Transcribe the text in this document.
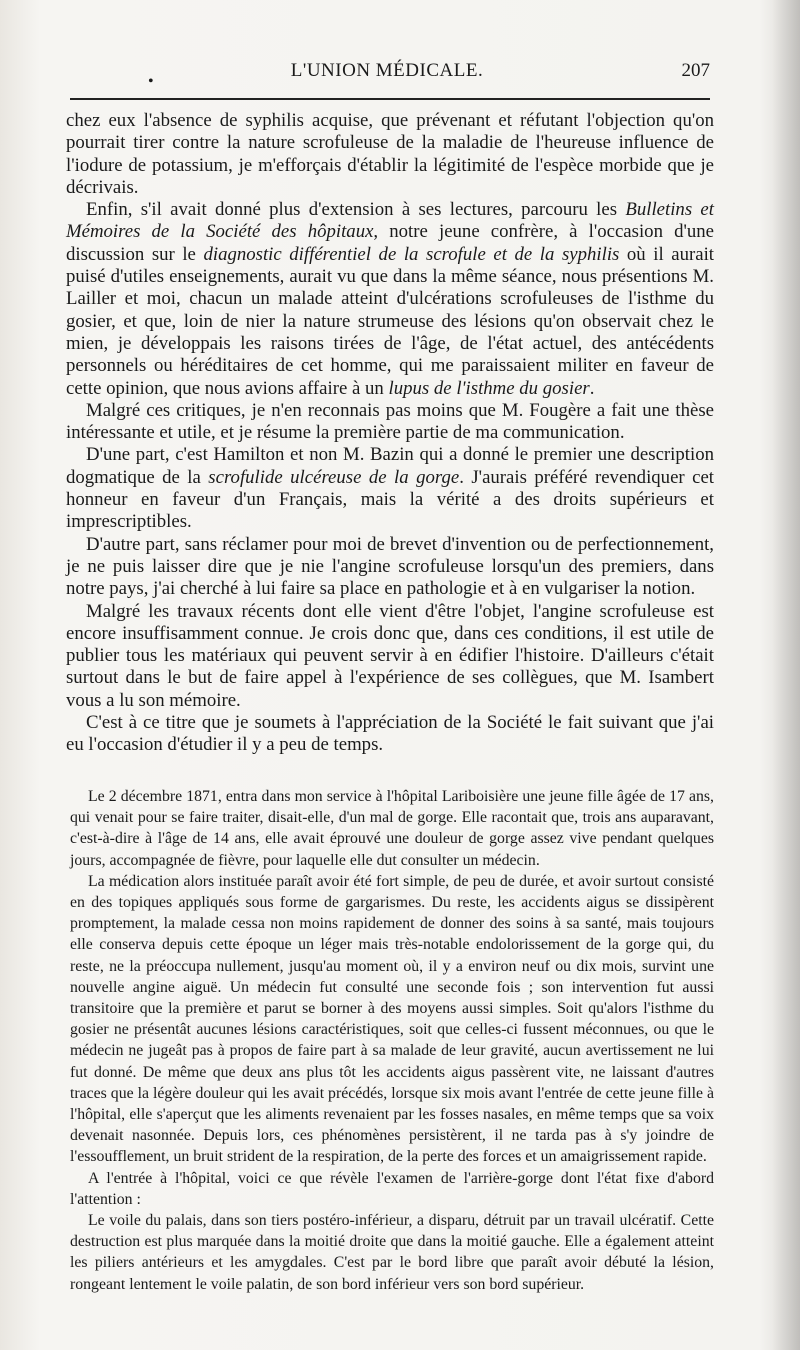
•
L'UNION MÉDICALE.	207

chez eux l'absence de syphilis acquise, que prévenant et réfutant l'objection qu'on pourrait tirer contre la nature scrofuleuse de la maladie de l'heureuse influence de l'iodure de potassium, je m'efforçais d'établir la légitimité de l'espèce morbide que je décrivais.

Enfin, s'il avait donné plus d'extension à ses lectures, parcouru les Bulletins et Mémoires de la Société des hôpitaux, notre jeune confrère, à l'occasion d'une discussion sur le diagnostic différentiel de la scrofule et de la syphilis où il aurait puisé d'utiles enseignements, aurait vu que dans la même séance, nous présentions M. Lailler et moi, chacun un malade atteint d'ulcérations scrofuleuses de l'isthme du gosier, et que, loin de nier la nature strumeuse des lésions qu'on observait chez le mien, je développais les raisons tirées de l'âge, de l'état actuel, des antécédents personnels ou héréditaires de cet homme, qui me paraissaient militer en faveur de cette opinion, que nous avions affaire à un lupus de l'isthme du gosier.

Malgré ces critiques, je n'en reconnais pas moins que M. Fougère a fait une thèse intéressante et utile, et je résume la première partie de ma communication.

D'une part, c'est Hamilton et non M. Bazin qui a donné le premier une description dogmatique de la scrofulide ulcéreuse de la gorge. J'aurais préféré revendiquer cet honneur en faveur d'un Français, mais la vérité a des droits supérieurs et imprescriptibles.

D'autre part, sans réclamer pour moi de brevet d'invention ou de perfectionnement, je ne puis laisser dire que je nie l'angine scrofuleuse lorsqu'un des premiers, dans notre pays, j'ai cherché à lui faire sa place en pathologie et à en vulgariser la notion.

Malgré les travaux récents dont elle vient d'être l'objet, l'angine scrofuleuse est encore insuffisamment connue. Je crois donc que, dans ces conditions, il est utile de publier tous les matériaux qui peuvent servir à en édifier l'histoire. D'ailleurs c'était surtout dans le but de faire appel à l'expérience de ses collègues, que M. Isambert vous a lu son mémoire.

C'est à ce titre que je soumets à l'appréciation de la Société le fait suivant que j'ai eu l'occasion d'étudier il y a peu de temps.

Le 2 décembre 1871, entra dans mon service à l'hôpital Lariboisière une jeune fille âgée de 17 ans, qui venait pour se faire traiter, disait-elle, d'un mal de gorge. Elle racontait que, trois ans auparavant, c'est-à-dire à l'âge de 14 ans, elle avait éprouvé une douleur de gorge assez vive pendant quelques jours, accompagnée de fièvre, pour laquelle elle dut consulter un médecin.

La médication alors instituée paraît avoir été fort simple, de peu de durée, et avoir surtout consisté en des topiques appliqués sous forme de gargarismes. Du reste, les accidents aigus se dissipèrent promptement, la malade cessa non moins rapidement de donner des soins à sa santé, mais toujours elle conserva depuis cette époque un léger mais très-notable endolorissement de la gorge qui, du reste, ne la préoccupa nullement, jusqu'au moment où, il y a environ neuf ou dix mois, survint une nouvelle angine aiguë. Un médecin fut consulté une seconde fois ; son intervention fut aussi transitoire que la première et parut se borner à des moyens aussi simples. Soit qu'alors l'isthme du gosier ne présentât aucunes lésions caractéristiques, soit que celles-ci fussent méconnues, ou que le médecin ne jugeât pas à propos de faire part à sa malade de leur gravité, aucun avertissement ne lui fut donné. De même que deux ans plus tôt les accidents aigus passèrent vite, ne laissant d'autres traces que la légère douleur qui les avait précédés, lorsque six mois avant l'entrée de cette jeune fille à l'hôpital, elle s'aperçut que les aliments revenaient par les fosses nasales, en même temps que sa voix devenait nasonnée. Depuis lors, ces phénomènes persistèrent, il ne tarda pas à s'y joindre de l'essoufflement, un bruit strident de la respiration, de la perte des forces et un amaigrissement rapide.

A l'entrée à l'hôpital, voici ce que révèle l'examen de l'arrière-gorge dont l'état fixe d'abord l'attention :

Le voile du palais, dans son tiers postéro-inférieur, a disparu, détruit par un travail ulcératif. Cette destruction est plus marquée dans la moitié droite que dans la moitié gauche. Elle a également atteint les piliers antérieurs et les amygdales. C'est par le bord libre que paraît avoir débuté la lésion, rongeant lentement le voile palatin, de son bord inférieur vers son bord supérieur.
